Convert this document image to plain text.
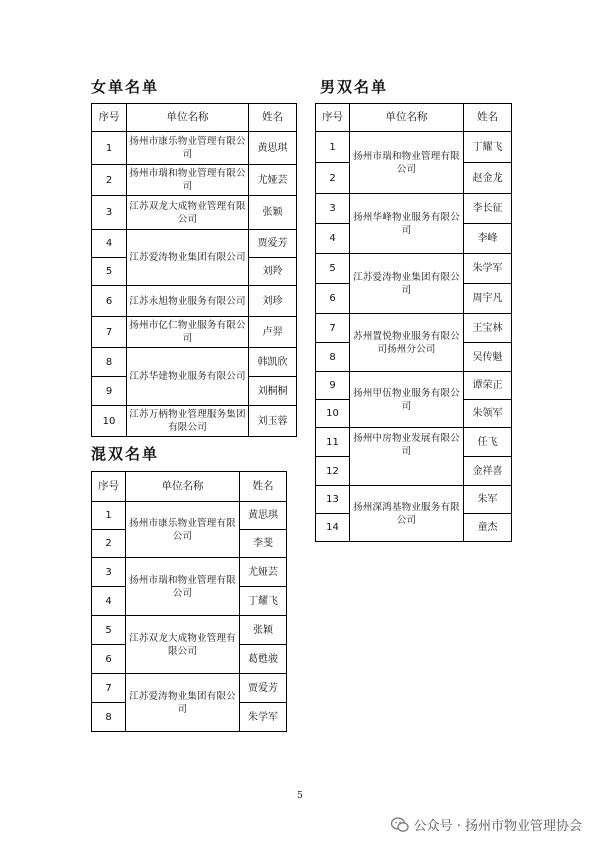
女单名单	男双名单
混双名单
序号	单位名称	姓名
1	扬州市康乐物业管理有限公司	黄思琪
2	扬州市瑞和物业管理有限公司	尤娅芸
3	江苏双龙大成物业管理有限公司	张颖
4	江苏爱涛物业集团有限公司	贾爱芳
5		刘羚
6	江苏永旭物业服务有限公司	刘珍
7	扬州市亿仁物业服务有限公司	卢羿
8	江苏华建物业服务有限公司	韩凯欣
9		刘桐桐
10	江苏万柄物业管理服务集团有限公司	刘玉蓉
序号	单位名称	姓名
1	扬州市康乐物业管理有限公司	黄思琪
2		李斐
3	扬州市瑞和物业管理有限公司	尤娅芸
4		丁耀飞
5	江苏双龙大成物业管理有限公司	张颖
6		葛甦骏
7	江苏爱涛物业集团有限公司	贾爱芳
8		朱学军
序号	单位名称	姓名
1	扬州市瑞和物业管理有限公司	丁耀飞
2		赵金龙
3	扬州华峰物业服务有限公司	李长征
4		李峰
5	江苏爱涛物业集团有限公司	朱学军
6		周宇凡
7	苏州置悦物业服务有限公司扬州分公司	王宝林
8		吴传魁
9	扬州甲伍物业服务有限公司	谭荣正
10		朱领军
11	扬州中房物业发展有限公司	任飞
12		金祥喜
13	扬州深鸿基物业服务有限公司	朱军
14		童杰
5
公众号 · 扬州市物业管理协会
